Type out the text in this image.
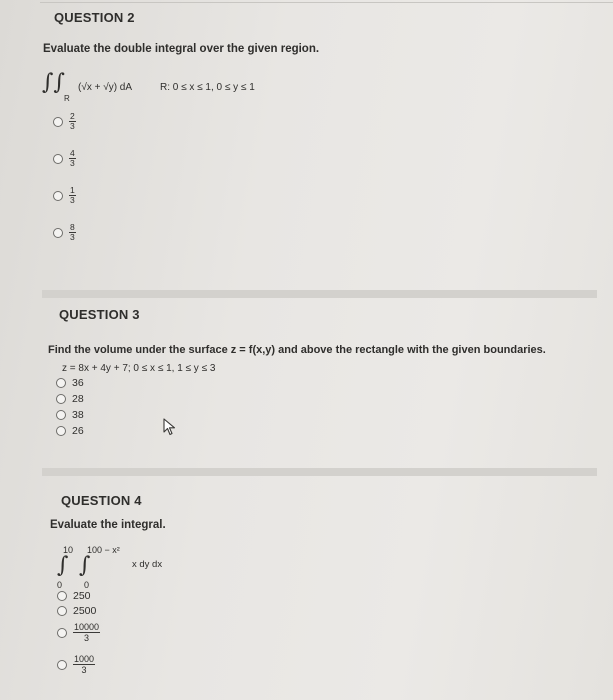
QUESTION 2
Evaluate the double integral over the given region.
∫∫
R
(√x + √y) dA	R: 0 ≤ x ≤ 1, 0 ≤ y ≤ 1
$\frac{2}{3}$
$\frac{4}{3}$
$\frac{1}{3}$
$\frac{8}{3}$
QUESTION 3
Find the volume under the surface z = f(x,y) and above the rectangle with the given boundaries.
z = 8x + 4y + 7; 0 ≤ x ≤ 1, 1 ≤ y ≤ 3
36
28
38
26
QUESTION 4
Evaluate the integral.
10
∫
0
100 − x²
∫
0
x dy dx
250
2500
$\frac{10000}{3}$
$\frac{1000}{3}$
